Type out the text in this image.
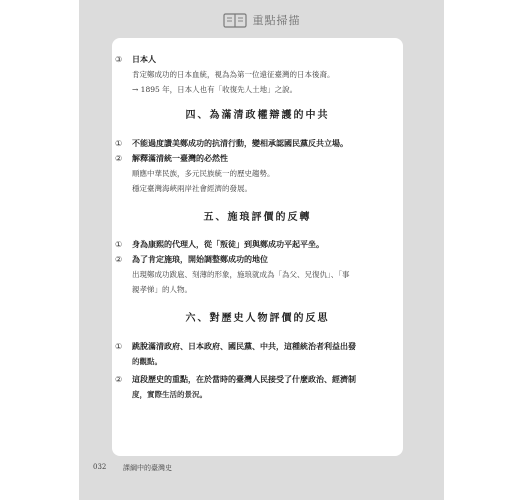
重點掃描
③	日本人
肯定鄭成功的日本血統，視為為第一位遠征臺灣的日本後裔。
→ 1895 年，日本人也有「收復先人土地」之說。
四、為滿清政權辯護的中共
①	不能過度讚美鄭成功的抗清行動，變相承認國民黨反共立場。
②	解釋滿清統一臺灣的必然性
順應中華民族，多元民族統一的歷史趨勢。
穩定臺灣海峽兩岸社會經濟的發展。
五、施琅評價的反轉
①	身為康熙的代理人，從「叛徒」到與鄭成功平起平坐。
②	為了肯定施琅，開始調整鄭成功的地位
出現鄭成功跋扈、刻薄的形象，施琅就成為「為父、兄復仇」、「事
親孝悌」的人物。
六、對歷史人物評價的反思
①	跳脫滿清政府、日本政府、國民黨、中共，這種統治者利益出發
的觀點。
②	這段歷史的重點，在於當時的臺灣人民接受了什麼政治、經濟制
度，實際生活的景況。
032 課綱中的臺灣史
